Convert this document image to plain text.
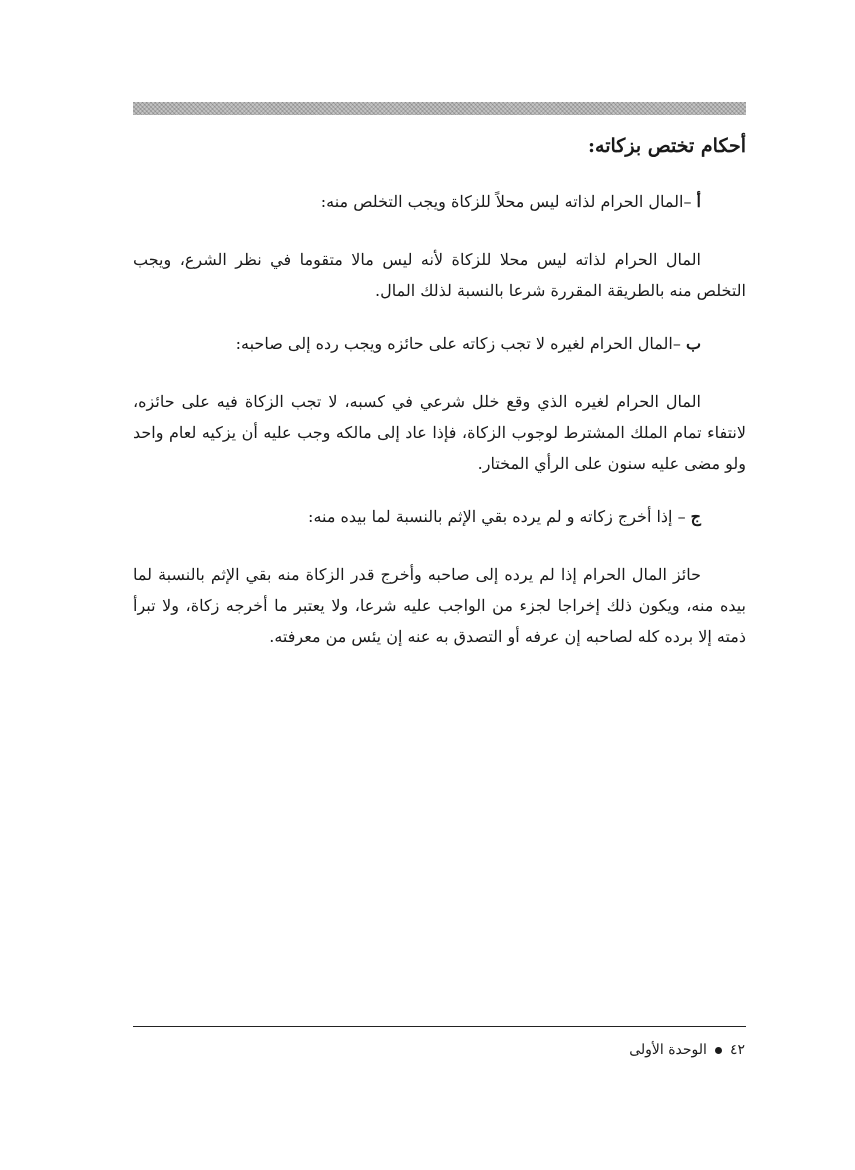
أحكام تختص بزكاته:

أ –المال الحرام لذاته ليس محلاً للزكاة ويجب التخلص منه:

المال الحرام لذاته ليس محلا للزكاة لأنه ليس مالا متقوما في نظر الشرع، ويجب التخلص منه بالطريقة المقررة شرعا بالنسبة لذلك المال.

ب –المال الحرام لغيره لا تجب زكاته على حائزه ويجب رده إلى صاحبه:

المال الحرام لغيره الذي وقع خلل شرعي في كسبه، لا تجب الزكاة فيه على حائزه، لانتفاء تمام الملك المشترط لوجوب الزكاة، فإذا عاد إلى مالكه وجب عليه أن يزكيه لعام واحد ولو مضى عليه سنون على الرأي المختار.

ج – إذا أخرج زكاته و لم يرده بقي الإثم بالنسبة لما بيده منه:

حائز المال الحرام إذا لم يرده إلى صاحبه وأخرج قدر الزكاة منه بقي الإثم بالنسبة لما بيده منه، ويكون ذلك إخراجا لجزء من الواجب عليه شرعا، ولا يعتبر ما أخرجه زكاة، ولا تبرأ ذمته إلا برده كله لصاحبه إن عرفه أو التصدق به عنه إن يئس من معرفته.

٤٢
الوحدة الأولى
